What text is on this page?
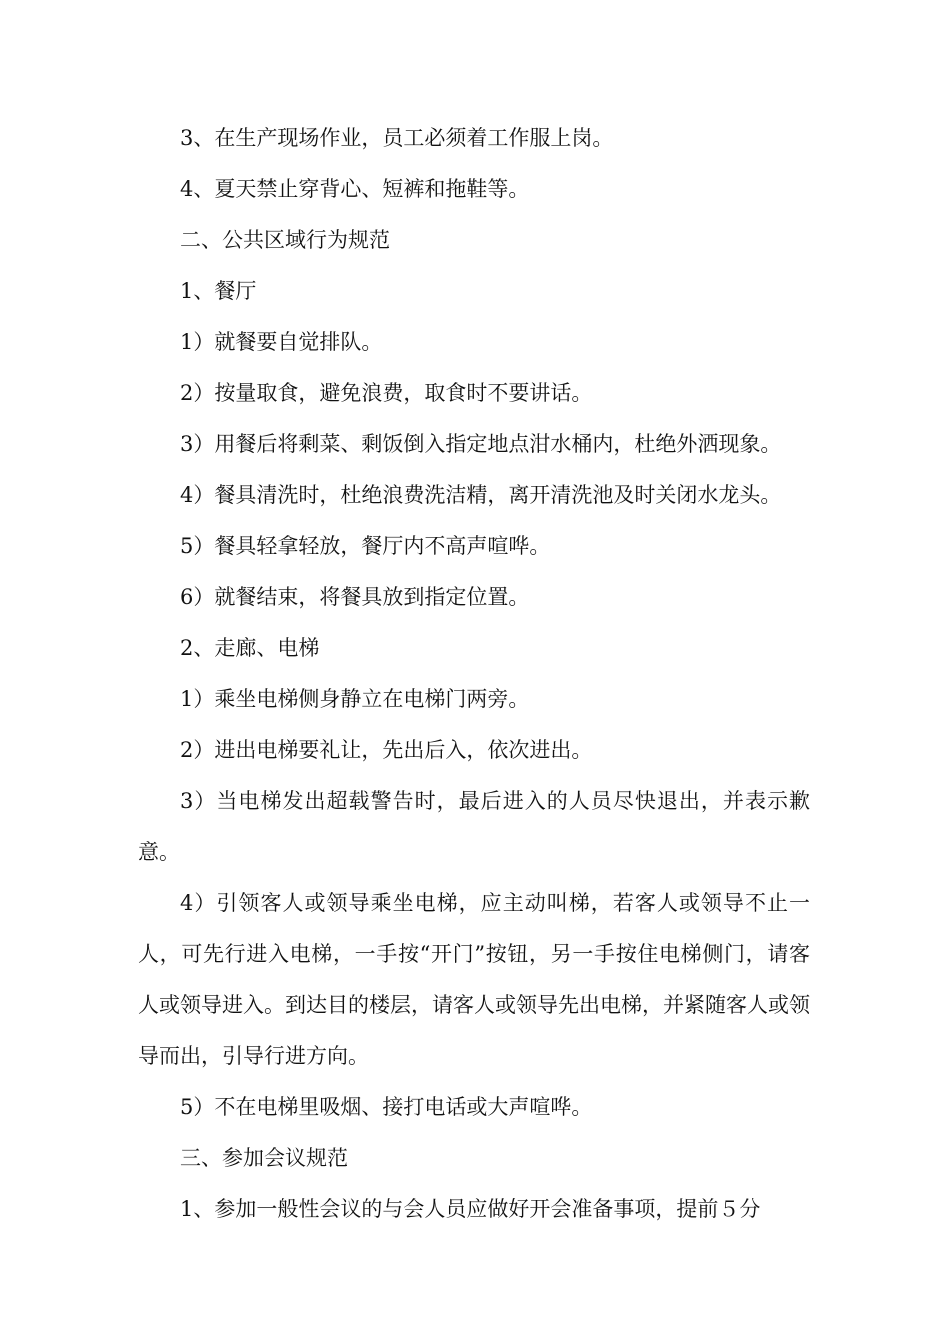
3、在生产现场作业，员工必须着工作服上岗。

4、夏天禁止穿背心、短裤和拖鞋等。

二、公共区域行为规范

1、餐厅

1）就餐要自觉排队。

2）按量取食，避免浪费，取食时不要讲话。

3）用餐后将剩菜、剩饭倒入指定地点泔水桶内，杜绝外洒现象。

4）餐具清洗时，杜绝浪费洗洁精，离开清洗池及时关闭水龙头。

5）餐具轻拿轻放，餐厅内不高声喧哗。

6）就餐结束，将餐具放到指定位置。

2、走廊、电梯

1）乘坐电梯侧身静立在电梯门两旁。

2）进出电梯要礼让，先出后入，依次进出。

3）当电梯发出超载警告时，最后进入的人员尽快退出，并表示歉意。

4）引领客人或领导乘坐电梯，应主动叫梯，若客人或领导不止一人，可先行进入电梯，一手按“开门”按钮，另一手按住电梯侧门，请客人或领导进入。到达目的楼层，请客人或领导先出电梯，并紧随客人或领导而出，引导行进方向。

5）不在电梯里吸烟、接打电话或大声喧哗。

三、参加会议规范

1、参加一般性会议的与会人员应做好开会准备事项，提前５分
